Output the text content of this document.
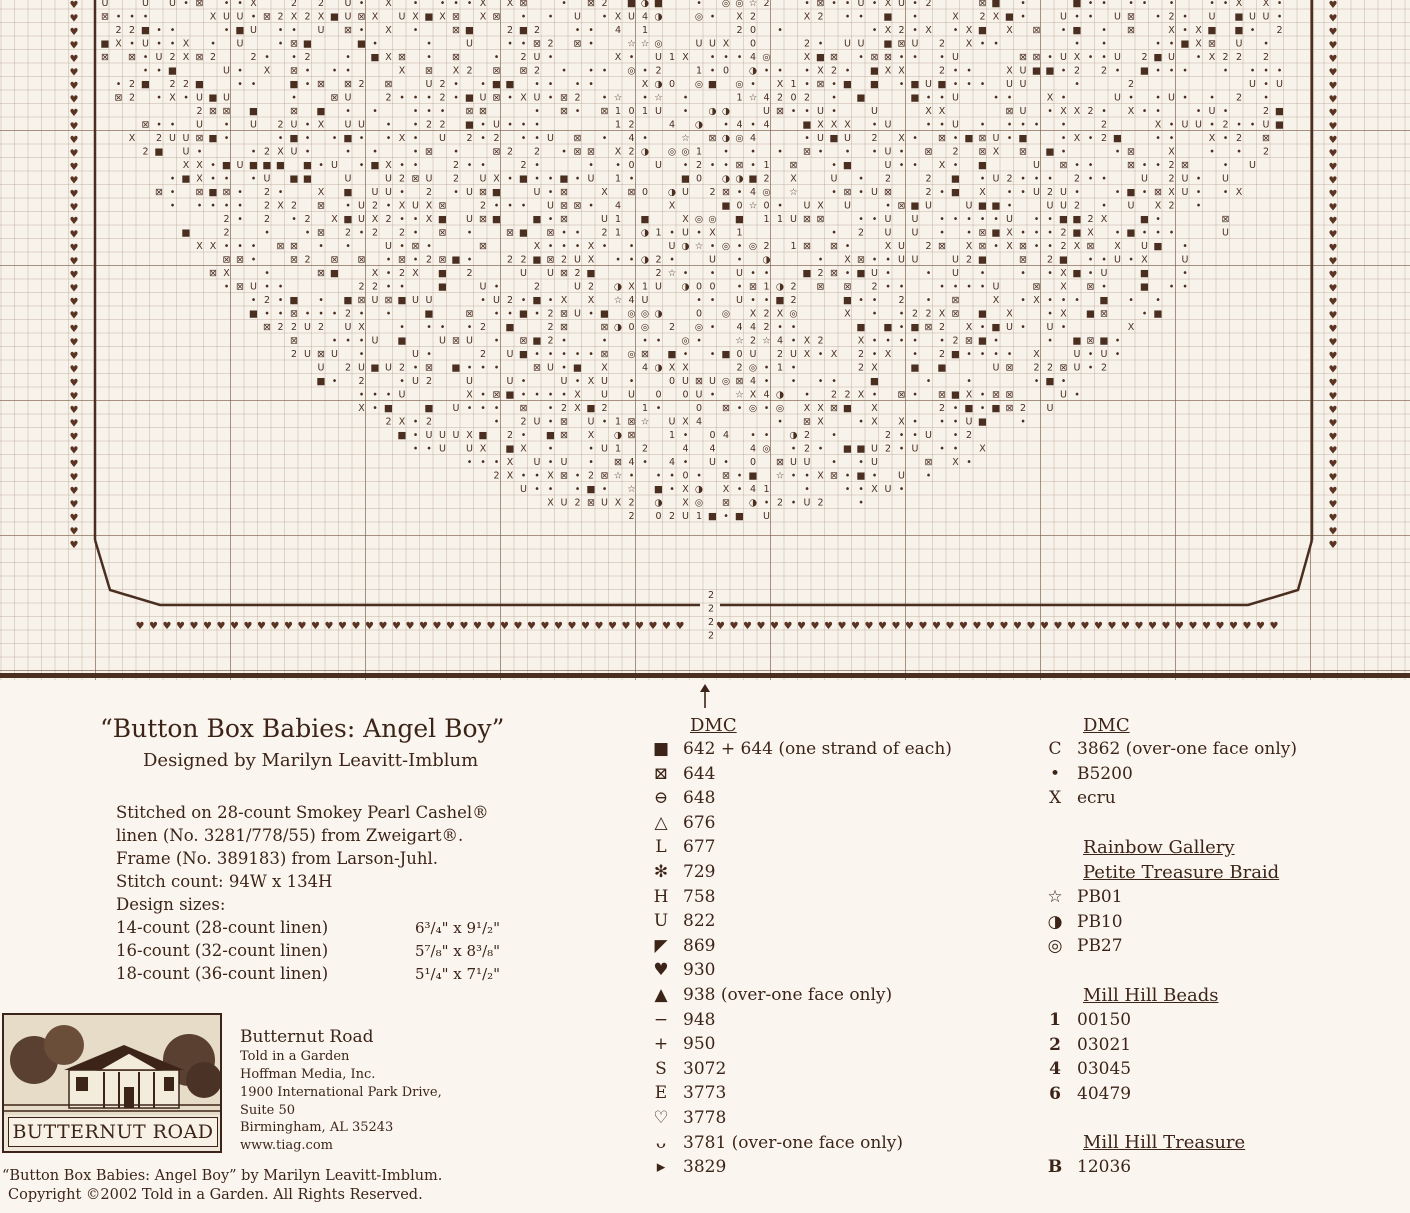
♥	♥
♥	♥
♥	♥
♥	♥
♥	♥
♥	♥
♥	♥
♥	♥
♥	♥
♥	♥
♥	♥
♥	♥
♥	♥
♥	♥
♥	♥
♥	♥
♥	♥
♥	♥
♥	♥
♥	♥
♥	♥
♥	♥
♥	♥
♥	♥
♥	♥
♥	♥
♥	♥
♥	♥
♥	♥
♥	♥
♥	♥
♥	♥
♥	♥
♥	♥
♥	♥
♥	♥
♥	♥
♥	♥
♥	♥
♥	♥
♥	♥
♥ ♥ ♥ ♥ ♥ ♥ ♥ ♥ ♥ ♥ ♥ ♥ ♥ ♥ ♥ ♥ ♥ ♥ ♥ ♥ ♥ ♥ ♥ ♥ ♥ ♥ ♥ ♥ ♥ ♥ ♥ ♥ ♥ ♥ ♥ ♥ ♥ ♥ ♥ ♥ ♥	♥ ♥ ♥ ♥ ♥ ♥ ♥ ♥ ♥ ♥ ♥ ♥ ♥ ♥ ♥ ♥ ♥ ♥ ♥ ♥ ♥ ♥ ♥ ♥ ♥ ♥ ♥ ♥ ♥ ♥ ♥ ♥ ♥ ♥ ♥ ♥ ♥ ♥ ♥ ♥ ♥ ♥
U	U U • ⊠ • • X	2 2 U • X • • • • X X ⊠	• ⊠ 2 ■ ◑ ■	• ◎ ◎ ☆ 2	• ⊠ • • U • X U • 2	⊠ ■ •	■ • • • • •	• • X X •
⊠ • • •	X U U • ⊠ 2 X 2 X ■ U ⊠ X U X ■ X ⊠ X ⊠ • • U • X U 4 ◑	◎ • X 2	X 2 • • ■ •	X 2 X ■ •	U • • U ⊠ • 2 • U ■ U U •
2 2 ■ • •	• ■ U • • U ⊠ • X •	⊠ ■	2 ■ 2	• • 4 1	2 0 •	• X 2 • X • X ■ X ⊠ • ■ • ⊠	X • X ■ ■ • 2
■ X • U • • X • U	• ⊠ ■	■ •	•	U	• • ⊠ 2 ⊠ •	☆ ☆ ◎	U U X 0	2 • U U ■ ⊠ U 2 X • •	• •	• • ■ X ⊠ U •
⊠ ⊠ • U 2 X ⊠ 2	2 • • 2	• ■ X ⊠ • ⊠	• 2 U •	X • U 1 X • • • 4 ◎	X ■ ⊠ • ⊠ ⊠ • • • U	⊠ ⊠ • U X • • U 2 ■ U • X 2 2 2
• • ■	U • X ⊠ • • •	X ⊠ X 2 ⊠ ⊠ 2 • • • ◎ • 2	1 • 0 ◑ • • • X 2 • ■ X X	2 • •	X U ■ ■ • 2 2 • ■ • • •	• • • •
• 2 ■ 2 2 ■	• •	■ • ⊠ ⊠ 2 ⊠	U 2 • • ■ ■ • • • •	X ◑ 0 ◎ ■ ◎ • X 1 • ⊠ • ■ ■ • ■ U ■ • • • U U	•	2	U • U
⊠ 2 • X • U ■ U	•	⊠ U	2 • • • 2 • ■ U ⊠ • X U • ⊠ 2 • ☆ • ☆ •	1 ☆ 4 2 0 2 • ■	■ • • U	• •	X •	U • • U • • 2 •
2 ⊠ ⊠ ■	⊠ ■ • •	• • • ⊠ ⊠	• ⊠ • ⊠ 1 0 1 U • ◑ ◑	U ⊠ • • U •	U	X X	⊠ U • X X 2 • X • •	• U •	2 ■
⊠ • • U • U 2 U • X U U • • 2 2 ■ • U • • •	1 2	4 ◑ • 4 • 4	■ X X X • U	• • U • • • • •	2	X • U U • 2 • • U ■
X 2 U U ⊠ ■ •	• ■ • • ■ • • X • U 2 • 2 • • U ⊠ • 4 •	☆ ⊠ ◑ ◎ 4	• U ■ U 2 X • ⊠ • ■ ⊠ U • ■	• X • 2 ■	• •	X • 2 ⊠
2 ■ U •	• 2 X U •	• •	• ⊠ •	⊠ 2 2 • ⊠ ⊠ X 2 ◑ ◎ ◎ 1 • • • ⊠ • • • U • ⊠ 2 ⊠ X ⊠ ■ •	• ⊠	X	• • 2
X X • ■ U ■ ■ ■ ■ • U • ■ X • •	2 • •	2 •	• • 0 U • 2 • • ⊠ • 1 ⊠	• ■	U • • X • ■	U ⊠ • •	⊠ • • 2 ⊠	• U
• ■ X • • • U ■ ■	U	U 2 ⊠ U 2 U X • ■ • • ■ • U 1 •	■ 0 ◑ ◑ ■ 2 X	U • 2	2 ■ • U 2 • • • 2 • •	U 2 U • U
⊠ • ⊠ ■ ⊠ • 2 •	X ■ U U • 2 • U ⊠ ■	U • ⊠	X ⊠ 0 ◑ U 2 ⊠ • 4 ◎ ☆	• ⊠ • U ⊠	2 • ■ X • • U 2 U •	• ■ • ⊠ X U • • X
• • • • • 2 X 2 ⊠ • U 2 • X U X ⊠	2 • • • U ⊠ ⊠ • 4	X	■ 0 ☆ 0 • U X U	• ⊠ ■ U	U ■ ■ •	U U 2 • U X 2 •
2 • 2 • 2 X ■ U X 2 • • X ■ U ⊠ ■	■ • ⊠	U 1 ■	X ◎ ◎ ■ 1 1 U ⊠ ⊠	• • U U • • • • • U • • ■ ■ 2 X	■ •	⊠
■	2	•	• ⊠ 2 • 2 2 • ⊠ •	⊠ ■ ⊠ • • 2 1 ◑ 1 • U • X 1	• 2 U U • • ⊠ ■ X • • • 2 ■ X • ■ • • •	U
X X • • • ⊠ ⊠ • •	U • ⊠ •	⊠	X • • • X • •	U ◑ ☆ • ◎ • ◎ 2 1 ⊠ ⊠ •	X U 2 ⊠ X ⊠ • X ⊠ • • 2 X ⊠ X U ■ •
⊠ ⊠ •	⊠ 2 ⊠ ⊠ • ⊠ • 2 ⊠ ■ •	2 2 ■ ⊠ 2 U X • • ◑ 2 •	U • ◑	• X ⊠ • • U U	U 2 ■	⊠ 2 ■ • • U • X	U
⊠ X	•	⊠ ■	X • 2 X ■ 2	U U ⊠ 2 ■	2 ☆ • • U • •	■ 2 ⊠ • ■ U •	• U •	• • X ■ • U	■	•
• ⊠ U • •	2 2 • •	■	U •	2	U 2 ◑ X 1 U ◑ 0 0 • ⊠ 1 ◑ 2 ⊠ ⊠ 2 • •	• • • • U	⊠ X ⊠ •	■ • •
• 2 • ■ • ■ ⊠ U ⊠ ■ U U	• U 2 • ■ • X X ☆ 4 U	• • U • • ■ 2	■ • • 2 • ⊠	X • X • • • ■ • •
■ • • ⊠ • • • 2 • •	■	⊠ • • ■ • 2 ⊠ U • ■ ◎ ◎ ◑	0 ◎ X 2 X ◎	X • • 2 2 X ⊠ ■ X	• X ■ ⊠	• ■
⊠ 2 2 U 2 U X	• • • • 2 ■	2 ⊠	⊠ ◑ 0 ◎ 2 ◎ • 4 4 2 • •	■ ■ • ■ ⊠ 2 X • ■ U • U •	X
⊠	• • • U ■	U ⊠ U • ⊠ ■ 2 •	•	• • ◎ •	☆ 2 ☆ 4 • X 2	X • • • • • 2 ⊠ ■ •	• ■ ⊠ ■ •
2 U ⊠ U •	U •	2 U ■ • • • • • ⊠ ◎ ⊠ ■ • • ■ 0 U 2 U X • X 2 • X • 2 ■ • • • • X	U • U •
U 2 U ■ U 2 • ⊠ ■ • • •	⊠ U • ■ X	4 ◑ X X	2 ◎ • 1 •	2 X	■ ■	U ⊠ 2 2 ⊠ U • 2
■ • 2	• U 2	U	U •	U • X U •	0 U ⊠ U ◎ ⊠ 4 • • • •	■	•	•	• ■ •
• • • U	X • ⊠ ■ • • • • X U U 0 0 U • ☆ X 4 ◑ • 2 2 X • ⊠ • ⊠ ■ X • ⊠ ⊠	U •
X • ■	■ U • • • ⊠ • 2 X ■ 2	1 •	0 ⊠ • ◎ • ◎ X X ⊠ ■ X	2 • ■ • ■ ⊠ 2 U
2 X • 2	• 2 U • ⊠ U • 1 ⊠ ☆ U X 4	• ⊠ X	• X X • • • U ■	•
■ • U U U X ■ 2 • ■ ⊠ X ◑ ⊠	1 • 0 4 • • ◑ 2 •	2 • • U • 2
• • U U X ■ X •	• U 1 2	4 4	4 ◎ • 2 • ■ ■ U 2 • U • • X
• • • X U • U • ⊠ 4 • 4 • U • 0 ⊠ U U • • U	⊠ X •
2 X • • X ⊠ • 2 ⊠ ☆ • • • 0 • ⊠ • ■ ☆ • • X ⊠ • ■ • U •
U • • • ■ • ☆ ■ • X ◑ X • 4 1	•	• • X U •
X U 2 ⊠ U X 2 ◑ X ◎ ⊠ ◑ • 2 • U 2	•
2 0 2 U 1 ■ • ■ U
2
2
2
2
“Button Box Babies: Angel Boy”
Designed by Marilyn Leavitt-Imblum
Stitched on 28-count Smokey Pearl Cashel®
linen (No. 3281/778/55) from Zweigart®.
Frame (No. 389183) from Larson-Juhl.
Stitch count: 94W x 134H
Design sizes:
14-count (28-count linen)	6³/₄" x 9¹/₂"
16-count (32-count linen)	5⁷/₈" x 8³/₈"
18-count (36-count linen)	5¹/₄" x 7¹/₂"
BUTTERNUT ROAD
Butternut Road
Told in a Garden
Hoffman Media, Inc.
1900 International Park Drive,
Suite 50
Birmingham, AL 35243
www.tiag.com
“Button Box Babies: Angel Boy” by Marilyn Leavitt-Imblum.
Copyright ©2002 Told in a Garden. All Rights Reserved.
DMC
■ 642 + 644 (one strand of each)
⊠ 644
⊖ 648
△ 676
L 677
✻ 729
H 758
U 822
◤ 869
♥ 930
▲ 938 (over-one face only)
− 948
+ 950
S 3072
E 3773
♡ 3778
ᴗ 3781 (over-one face only)
▸	3829
DMC
C 3862 (over-one face only)
• B5200
X ecru
Rainbow Gallery
Petite Treasure Braid
☆ PB01
◑ PB10
◎ PB27
Mill Hill Beads
1 00150
2 03021
4 03045
6 40479
Mill Hill Treasure
B 12036
